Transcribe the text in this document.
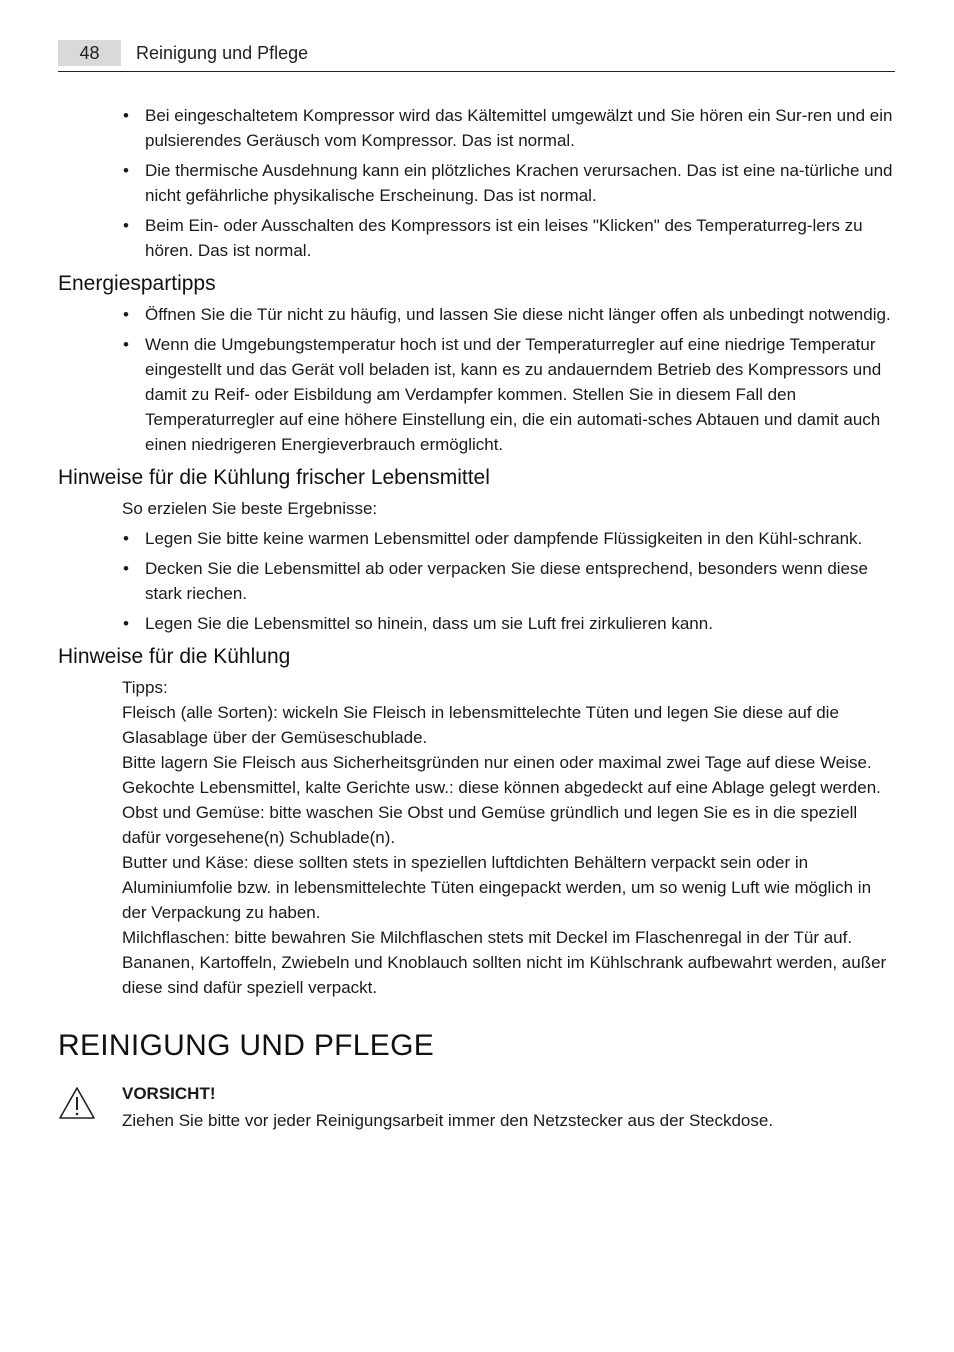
48	Reinigung und Pflege
• Bei eingeschaltetem Kompressor wird das Kältemittel umgewälzt und Sie hören ein Sur-ren und ein pulsierendes Geräusch vom Kompressor. Das ist normal.
• Die thermische Ausdehnung kann ein plötzliches Krachen verursachen. Das ist eine na-türliche und nicht gefährliche physikalische Erscheinung. Das ist normal.
• Beim Ein- oder Ausschalten des Kompressors ist ein leises "Klicken" des Temperaturreg-lers zu hören. Das ist normal.
Energiespartipps
• Öffnen Sie die Tür nicht zu häufig, und lassen Sie diese nicht länger offen als unbedingt notwendig.
• Wenn die Umgebungstemperatur hoch ist und der Temperaturregler auf eine niedrige Temperatur eingestellt und das Gerät voll beladen ist, kann es zu andauerndem Betrieb des Kompressors und damit zu Reif- oder Eisbildung am Verdampfer kommen. Stellen Sie in diesem Fall den Temperaturregler auf eine höhere Einstellung ein, die ein automati-sches Abtauen und damit auch einen niedrigeren Energieverbrauch ermöglicht.
Hinweise für die Kühlung frischer Lebensmittel

So erzielen Sie beste Ergebnisse:

• Legen Sie bitte keine warmen Lebensmittel oder dampfende Flüssigkeiten in den Kühl-schrank.
• Decken Sie die Lebensmittel ab oder verpacken Sie diese entsprechend, besonders wenn diese stark riechen.
• Legen Sie die Lebensmittel so hinein, dass um sie Luft frei zirkulieren kann.
Hinweise für die Kühlung

Tipps:

Fleisch (alle Sorten): wickeln Sie Fleisch in lebensmittelechte Tüten und legen Sie diese auf die Glasablage über der Gemüseschublade.

Bitte lagern Sie Fleisch aus Sicherheitsgründen nur einen oder maximal zwei Tage auf diese Weise.

Gekochte Lebensmittel, kalte Gerichte usw.: diese können abgedeckt auf eine Ablage gelegt werden.

Obst und Gemüse: bitte waschen Sie Obst und Gemüse gründlich und legen Sie es in die speziell dafür vorgesehene(n) Schublade(n).

Butter und Käse: diese sollten stets in speziellen luftdichten Behältern verpackt sein oder in Aluminiumfolie bzw. in lebensmittelechte Tüten eingepackt werden, um so wenig Luft wie möglich in der Verpackung zu haben.

Milchflaschen: bitte bewahren Sie Milchflaschen stets mit Deckel im Flaschenregal in der Tür auf.

Bananen, Kartoffeln, Zwiebeln und Knoblauch sollten nicht im Kühlschrank aufbewahrt werden, außer diese sind dafür speziell verpackt.

REINIGUNG UND PFLEGE
VORSICHT!
Ziehen Sie bitte vor jeder Reinigungsarbeit immer den Netzstecker aus der Steckdose.
